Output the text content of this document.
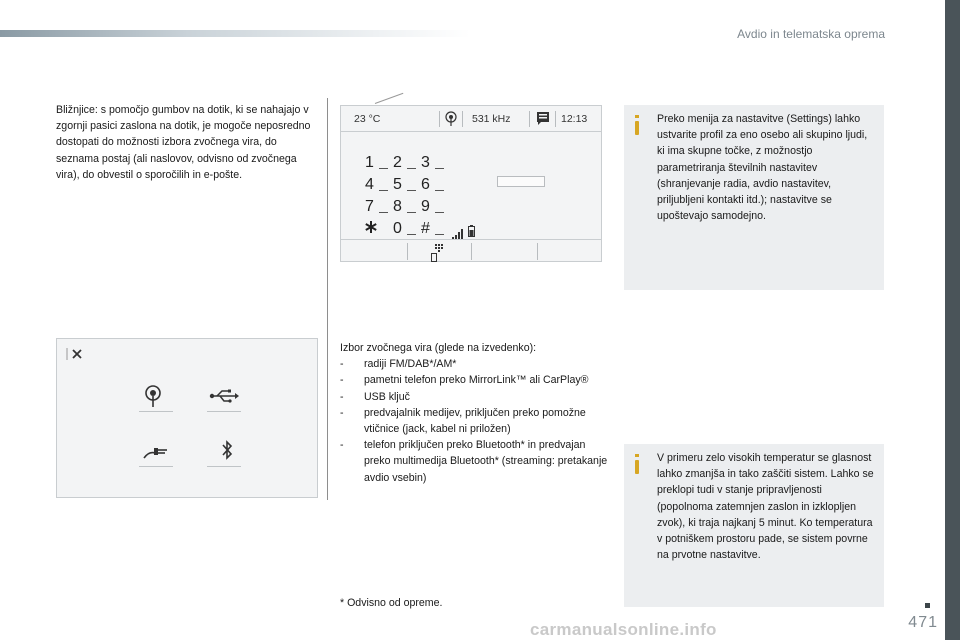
Avdio in telematska oprema

Bližnjice: s pomočjo gumbov na dotik, ki se nahajajo v zgornji pasici zaslona na dotik, je mogoče neposredno dostopati do možnosti izbora zvočnega vira, do seznama postaj (ali naslovov, odvisno od zvočnega vira), do obvestil o sporočilih in e-pošte.

23 °C	531 kHz	12:13
1 2 3
4 5 6
7 8 9
0 #
Izbor zvočnega vira (glede na izvedenko):
- radiji FM/DAB*/AM*
- pametni telefon preko MirrorLink™ ali CarPlay®
- USB ključ
- predvajalnik medijev, priključen preko pomožne vtičnice (jack, kabel ni priložen)
- telefon priključen preko Bluetooth* in predvajan preko multimedija Bluetooth* (streaming: pretakanje avdio vsebin)
* Odvisno od opreme.

Preko menija za nastavitve (Settings) lahko ustvarite profil za eno osebo ali skupino ljudi, ki ima skupne točke, z možnostjo parametriranja številnih nastavitev (shranjevanje radia, avdio nastavitev, priljubljeni kontakti itd.); nastavitve se upoštevajo samodejno.

V primeru zelo visokih temperatur se glasnost lahko zmanjša in tako zaščiti sistem. Lahko se preklopi tudi v stanje pripravljenosti (popolnoma zatemnjen zaslon in izklopljen zvok), ki traja najkanj 5 minut. Ko temperatura v potniškem prostoru pade, se sistem povrne na prvotne nastavitve.

471
carmanualsonline.info
